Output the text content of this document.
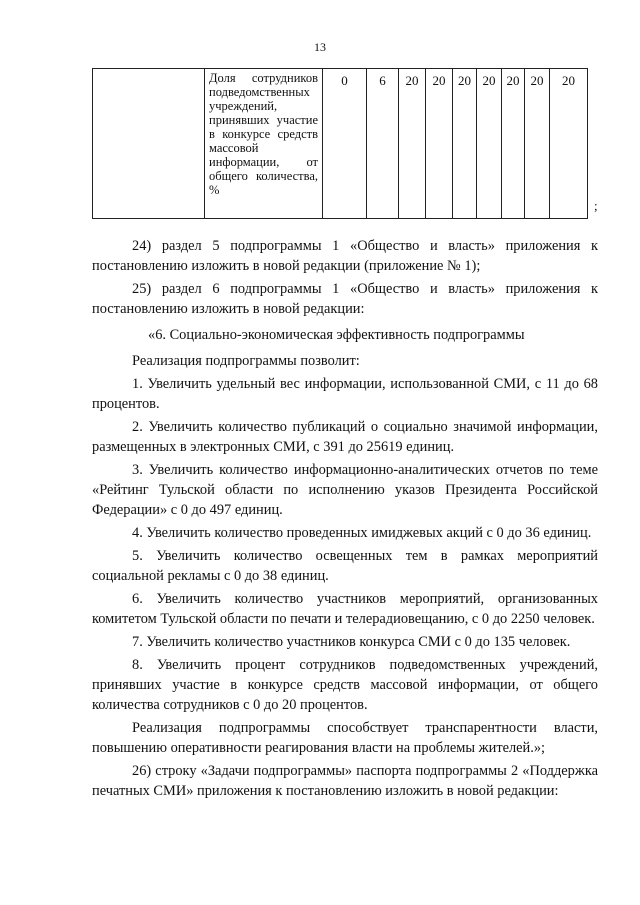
13
	Доля сотрудников подведомственных учреждений, принявших участие в конкурсе средств массовой информации, от общего количества, %	0	6	20	20	20	20	20	20	20
;

24) раздел 5 подпрограммы 1 «Общество и власть» приложения к постановлению изложить в новой редакции (приложение № 1);

25) раздел 6 подпрограммы 1 «Общество и власть» приложения к постановлению изложить в новой редакции:

«6. Социально-экономическая эффективность подпрограммы

Реализация подпрограммы позволит:

1. Увеличить удельный вес информации, использованной СМИ, с 11 до 68 процентов.

2. Увеличить количество публикаций о социально значимой информации, размещенных в электронных СМИ, с 391 до 25619 единиц.

3. Увеличить количество информационно-аналитических отчетов по теме «Рейтинг Тульской области по исполнению указов Президента Российской Федерации» с 0 до 497 единиц.

4. Увеличить количество проведенных имиджевых акций с 0 до 36 единиц.

5. Увеличить количество освещенных тем в рамках мероприятий социальной рекламы с 0 до 38 единиц.

6. Увеличить количество участников мероприятий, организованных комитетом Тульской области по печати и телерадиовещанию, с 0 до 2250 человек.

7. Увеличить количество участников конкурса СМИ с 0 до 135 человек.

8. Увеличить процент сотрудников подведомственных учреждений, принявших участие в конкурсе средств массовой информации, от общего количества сотрудников с 0 до 20 процентов.

Реализация подпрограммы способствует транспарентности власти, повышению оперативности реагирования власти на проблемы жителей.»;

26) строку «Задачи подпрограммы» паспорта подпрограммы 2 «Поддержка печатных СМИ» приложения к постановлению изложить в новой редакции:
